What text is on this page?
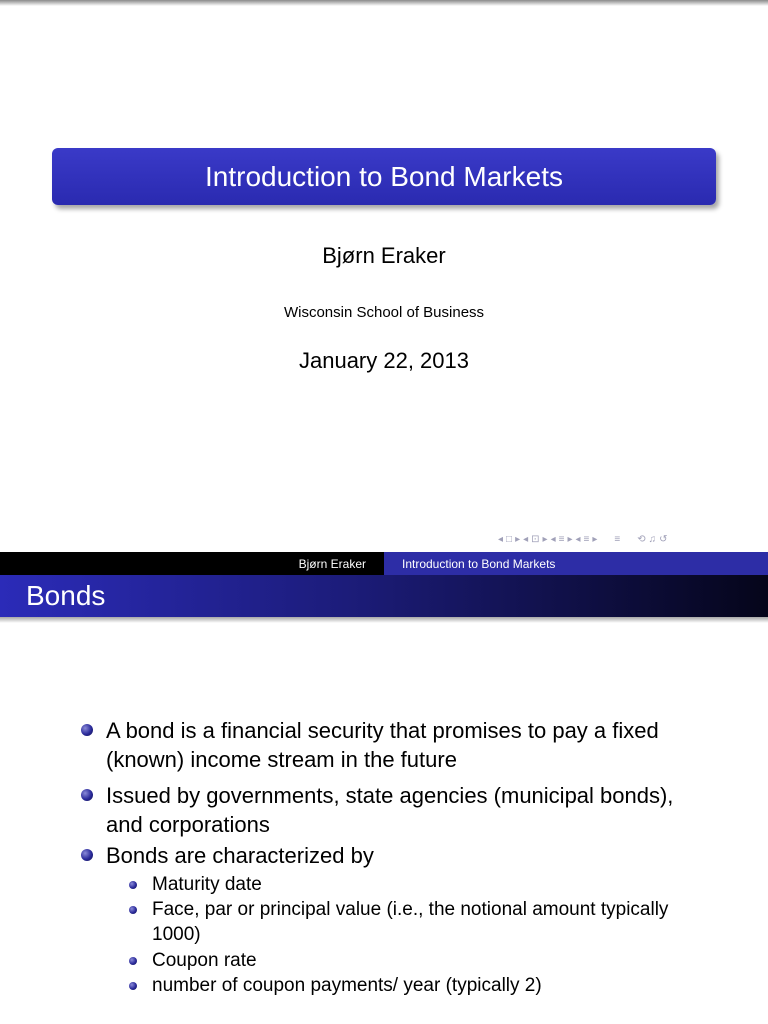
Introduction to Bond Markets
Bjørn Eraker
Wisconsin School of Business
January 22, 2013
◂ □ ▸ ◂ ⊡ ▸ ◂ ≡ ▸ ◂ ≡ ▸ ≡ ⟲ ♫ ↺
Bjørn Eraker	Introduction to Bond Markets
Bonds
A bond is a financial security that promises to pay a fixed (known) income stream in the future
Issued by governments, state agencies (municipal bonds), and corporations
Bonds are characterized by
Maturity date
Face, par or principal value (i.e., the notional amount typically 1000)
Coupon rate
number of coupon payments/ year (typically 2)
